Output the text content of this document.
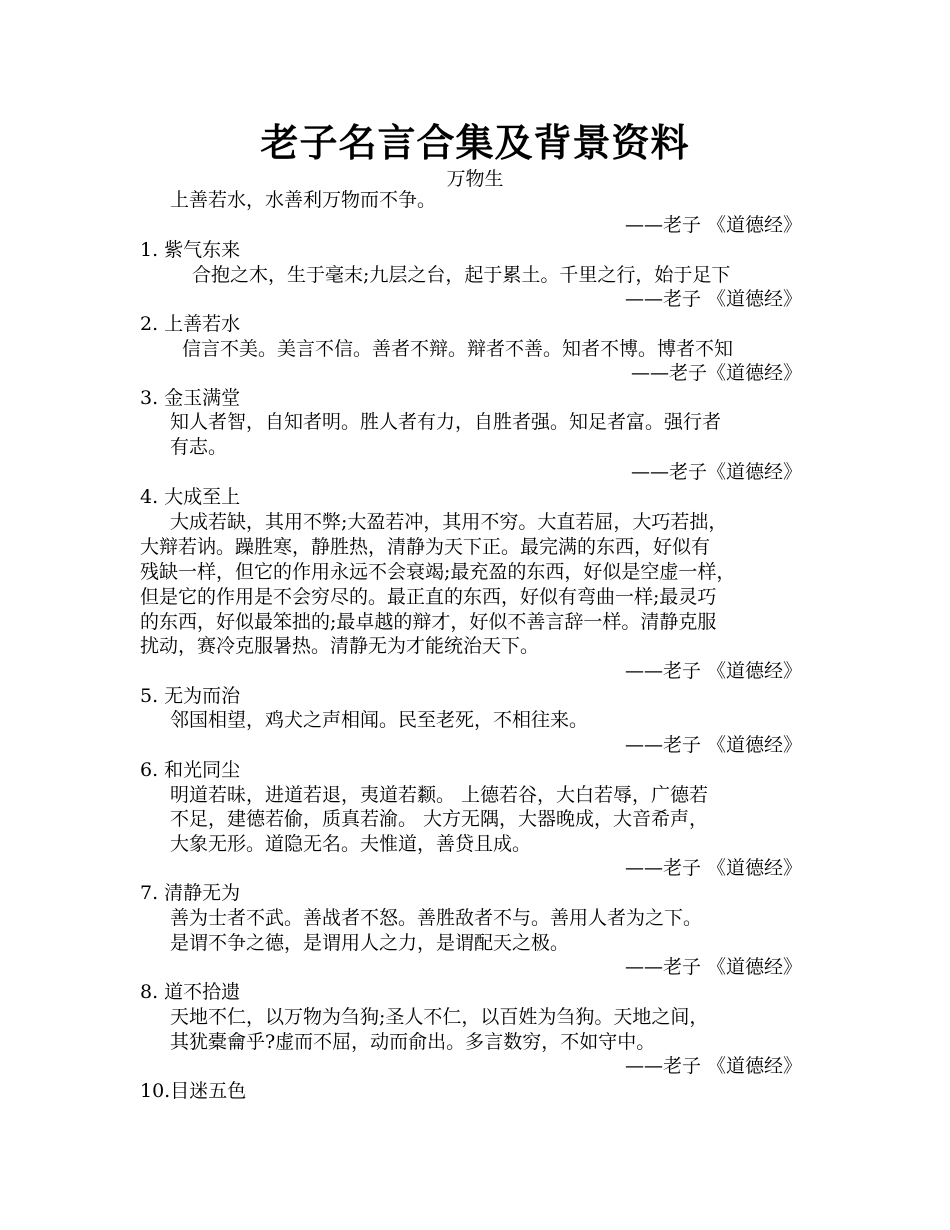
老子名言合集及背景资料
万物生
上善若水，水善利万物而不争。
——老子 《道德经》
1. 紫气东来
合抱之木，生于毫末;九层之台，起于累土。千里之行，始于足下
——老子 《道德经》
2. 上善若水
信言不美。美言不信。善者不辩。辩者不善。知者不博。博者不知
——老子《道德经》
3. 金玉满堂
知人者智，自知者明。胜人者有力，自胜者强。知足者富。强行者
有志。
——老子《道德经》
4. 大成至上
大成若缺，其用不弊;大盈若冲，其用不穷。大直若屈，大巧若拙，
大辩若讷。躁胜寒，静胜热，清静为天下正。最完满的东西，好似有
残缺一样，但它的作用永远不会衰竭;最充盈的东西，好似是空虚一样，
但是它的作用是不会穷尽的。最正直的东西，好似有弯曲一样;最灵巧
的东西，好似最笨拙的;最卓越的辩才，好似不善言辞一样。清静克服
扰动，赛冷克服暑热。清静无为才能统治天下。
——老子 《道德经》
5. 无为而治
邻国相望，鸡犬之声相闻。民至老死，不相往来。
——老子 《道德经》
6. 和光同尘
明道若昧，进道若退，夷道若颣。 上德若谷，大白若辱，广德若
不足，建德若偷，质真若渝。 大方无隅，大器晚成，大音希声，
大象无形。道隐无名。夫惟道，善贷且成。
——老子 《道德经》
7. 清静无为
善为士者不武。善战者不怒。善胜敌者不与。善用人者为之下。
是谓不争之德，是谓用人之力，是谓配天之极。
——老子 《道德经》
8. 道不拾遗
天地不仁，以万物为刍狗;圣人不仁，以百姓为刍狗。天地之间，
其犹橐龠乎?虚而不屈，动而俞出。多言数穷，不如守中。
——老子 《道德经》
10.目迷五色
